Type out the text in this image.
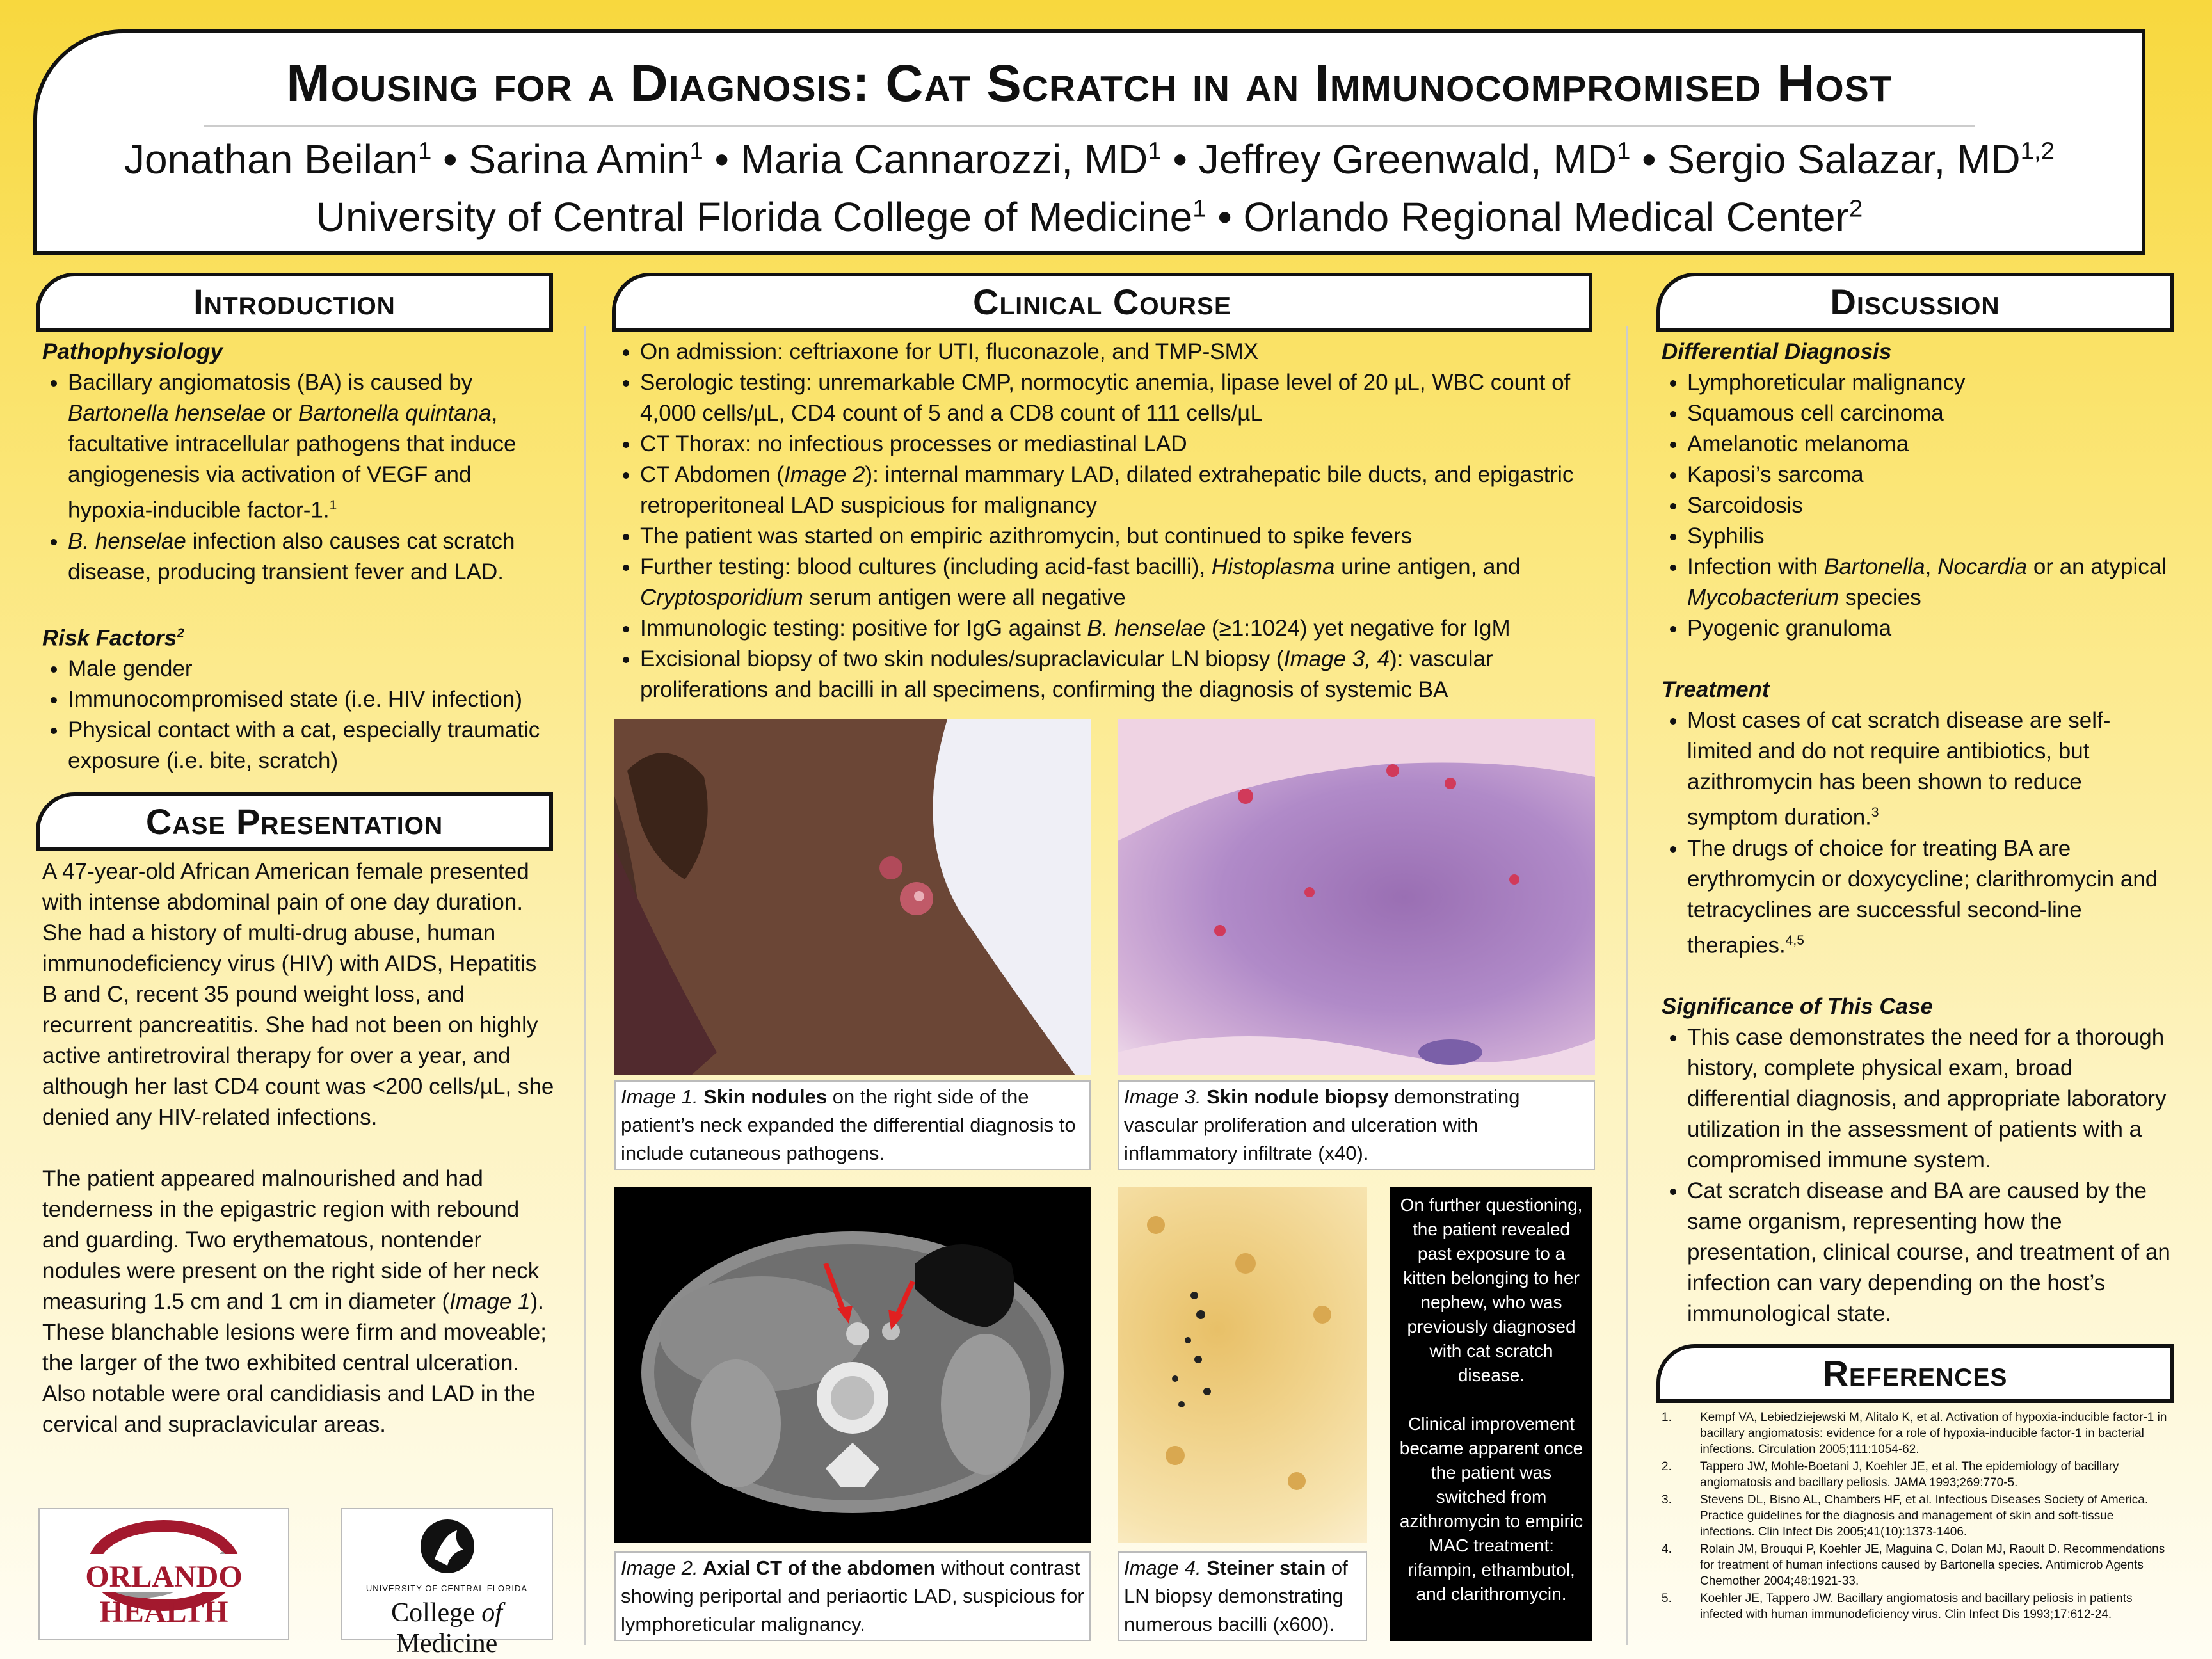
Mousing for a Diagnosis: Cat Scratch in an Immunocompromised Host
Jonathan Beilan$^1$ • Sarina Amin$^1$ • Maria Cannarozzi, $MD^1$ • Jeffrey Greenwald, $MD^1$ • Sergio Salazar, MD$^{1,2}$
University of Central Florida College of Medicine$^1$ • Orlando Regional Medical Center$^2$
Introduction

Pathophysiology

• Bacillary angiomatosis (BA) is caused by Bartonella henselae or Bartonella quintana, facultative intracellular pathogens that induce angiogenesis via activation of VEGF and hypoxia-inducible factor-1.$^1$
• B. henselae infection also causes cat scratch disease, producing transient fever and LAD.

Risk Factors$^2$

• Male gender
• Immunocompromised state (i.e. HIV infection)
• Physical contact with a cat, especially traumatic exposure (i.e. bite, scratch)
Case Presentation

A 47-year-old African American female presented with intense abdominal pain of one day duration. She had a history of multi-drug abuse, human immunodeficiency virus (HIV) with AIDS, Hepatitis B and C, recent 35 pound weight loss, and recurrent pancreatitis. She had not been on highly active antiretroviral therapy for over a year, and although her last CD4 count was <200 cells/µL, she denied any HIV-related infections.

The patient appeared malnourished and had tenderness in the epigastric region with rebound and guarding. Two erythematous, nontender nodules were present on the right side of her neck measuring 1.5 cm and 1 cm in diameter (Image 1). These blanchable lesions were firm and moveable; the larger of the two exhibited central ulceration. Also notable were oral candidiasis and LAD in the cervical and supraclavicular areas.

ORLANDO HEALTH
UNIVERSITY OF CENTRAL FLORIDA
College of Medicine
Clinical Course
• On admission: ceftriaxone for UTI, fluconazole, and TMP-SMX
• Serologic testing: unremarkable CMP, normocytic anemia, lipase level of 20 µL, WBC count of 4,000 cells/µL, CD4 count of 5 and a CD8 count of 111 cells/µL
• CT Thorax: no infectious processes or mediastinal LAD
• CT Abdomen (Image 2): internal mammary LAD, dilated extrahepatic bile ducts, and epigastric retroperitoneal LAD suspicious for malignancy
• The patient was started on empiric azithromycin, but continued to spike fevers
• Further testing: blood cultures (including acid-fast bacilli), Histoplasma urine antigen, and Cryptosporidium serum antigen were all negative
• Immunologic testing: positive for IgG against B. henselae (≥1:1024) yet negative for IgM
• Excisional biopsy of two skin nodules/supraclavicular LN biopsy (Image 3, 4): vascular proliferations and bacilli in all specimens, confirming the diagnosis of systemic BA
Image 1. Skin nodules on the right side of the patient’s neck expanded the differential diagnosis to include cutaneous pathogens.
Image 3. Skin nodule biopsy demonstrating vascular proliferation and ulceration with inflammatory infiltrate (x40).
Image 2. Axial CT of the abdomen without contrast showing periportal and periaortic LAD, suspicious for lymphoreticular malignancy.
Image 4. Steiner stain of LN biopsy demonstrating numerous bacilli (x600).

On further questioning, the patient revealed past exposure to a kitten belonging to her nephew, who was previously diagnosed with cat scratch disease.

Clinical improvement became apparent once the patient was switched from azithromycin to empiric MAC treatment: rifampin, ethambutol, and clarithromycin.

Discussion

Differential Diagnosis

• Lymphoreticular malignancy
• Squamous cell carcinoma
• Amelanotic melanoma
• Kaposi’s sarcoma
• Sarcoidosis
• Syphilis
• Infection with Bartonella, Nocardia or an atypical Mycobacterium species
• Pyogenic granuloma

Treatment

• Most cases of cat scratch disease are self-limited and do not require antibiotics, but azithromycin has been shown to reduce symptom duration.$^3$
• The drugs of choice for treating BA are erythromycin or doxycycline; clarithromycin and tetracyclines are successful second-line therapies.$^{4,5}$

Significance of This Case

• This case demonstrates the need for a thorough history, complete physical exam, broad differential diagnosis, and appropriate laboratory utilization in the assessment of patients with a compromised immune system.
• Cat scratch disease and BA are caused by the same organism, representing how the presentation, clinical course, and treatment of an infection can vary depending on the host’s immunological state.
References
1. Kempf VA, Lebiedziejewski M, Alitalo K, et al. Activation of hypoxia-inducible factor-1 in bacillary angiomatosis: evidence for a role of hypoxia-inducible factor-1 in bacterial infections. Circulation 2005;111:1054-62.
2. Tappero JW, Mohle-Boetani J, Koehler JE, et al. The epidemiology of bacillary angiomatosis and bacillary peliosis. JAMA 1993;269:770-5.
3. Stevens DL, Bisno AL, Chambers HF, et al. Infectious Diseases Society of America. Practice guidelines for the diagnosis and management of skin and soft-tissue infections. Clin Infect Dis 2005;41(10):1373-1406.
4. Rolain JM, Brouqui P, Koehler JE, Maguina C, Dolan MJ, Raoult D. Recommendations for treatment of human infections caused by Bartonella species. Antimicrob Agents Chemother 2004;48:1921-33.
5. Koehler JE, Tappero JW. Bacillary angiomatosis and bacillary peliosis in patients infected with human immunodeficiency virus. Clin Infect Dis 1993;17:612-24.
